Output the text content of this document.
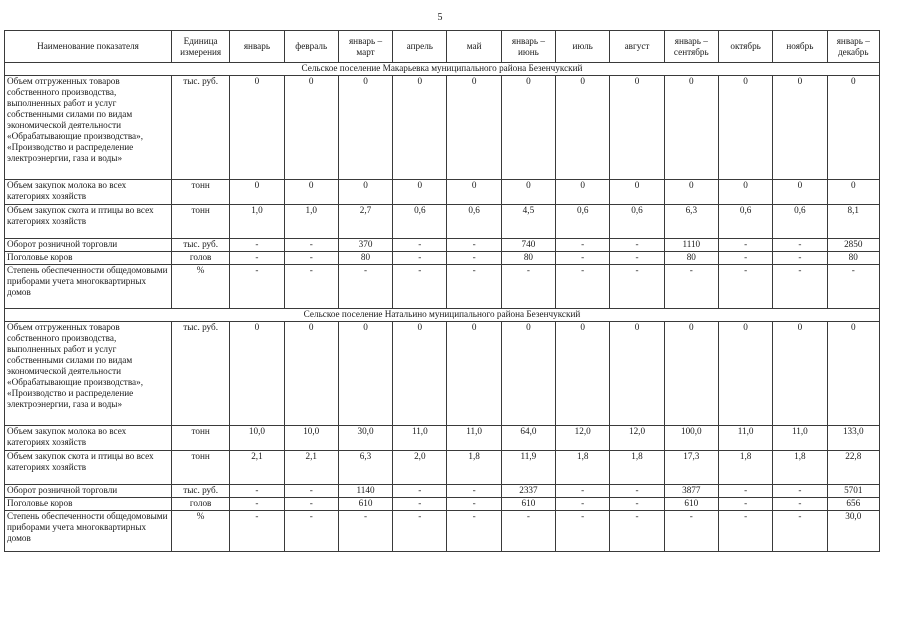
5
Наименование показателя	Единица измерения	январь	февраль	январь – март	апрель	май	январь – июнь	июль	август	январь – сентябрь	октябрь	ноябрь	январь – декабрь
Сельское поселение Макарьевка муниципального района Безенчукский													
Объем отгруженных товаров собственного производства, выполненных работ и услуг собственными силами по видам экономической деятельности «Обрабатывающие производства», «Производство и распределение электроэнергии, газа и воды»	тыс. руб.	0	0	0	0	0	0	0	0	0	0	0	0
Объем закупок молока во всех категориях хозяйств	тонн	0	0	0	0	0	0	0	0	0	0	0	0
Объем закупок скота и птицы во всех категориях хозяйств	тонн	1,0	1,0	2,7	0,6	0,6	4,5	0,6	0,6	6,3	0,6	0,6	8,1
Оборот розничной торговли	тыс. руб.	-	-	370	-	-	740	-	-	1110	-	-	2850
Поголовье коров	голов	-	-	80	-	-	80	-	-	80	-	-	80
Степень обеспеченности общедомовыми приборами учета многоквартирных домов	%	-	-	-	-	-	-	-	-	-	-	-	-
Сельское поселение Натальино муниципального района Безенчукский													
Объем отгруженных товаров собственного производства, выполненных работ и услуг собственными силами по видам экономической деятельности «Обрабатывающие производства», «Производство и распределение электроэнергии, газа и воды»	тыс. руб.	0	0	0	0	0	0	0	0	0	0	0	0
Объем закупок молока во всех категориях хозяйств	тонн	10,0	10,0	30,0	11,0	11,0	64,0	12,0	12,0	100,0	11,0	11,0	133,0
Объем закупок скота и птицы во всех категориях хозяйств	тонн	2,1	2,1	6,3	2,0	1,8	11,9	1,8	1,8	17,3	1,8	1,8	22,8
Оборот розничной торговли	тыс. руб.	-	-	1140	-	-	2337	-	-	3877	-	-	5701
Поголовье коров	голов	-	-	610	-	-	610	-	-	610	-	-	656
Степень обеспеченности общедомовыми приборами учета многоквартирных домов	%	-	-	-	-	-	-	-	-	-	-	-	30,0
